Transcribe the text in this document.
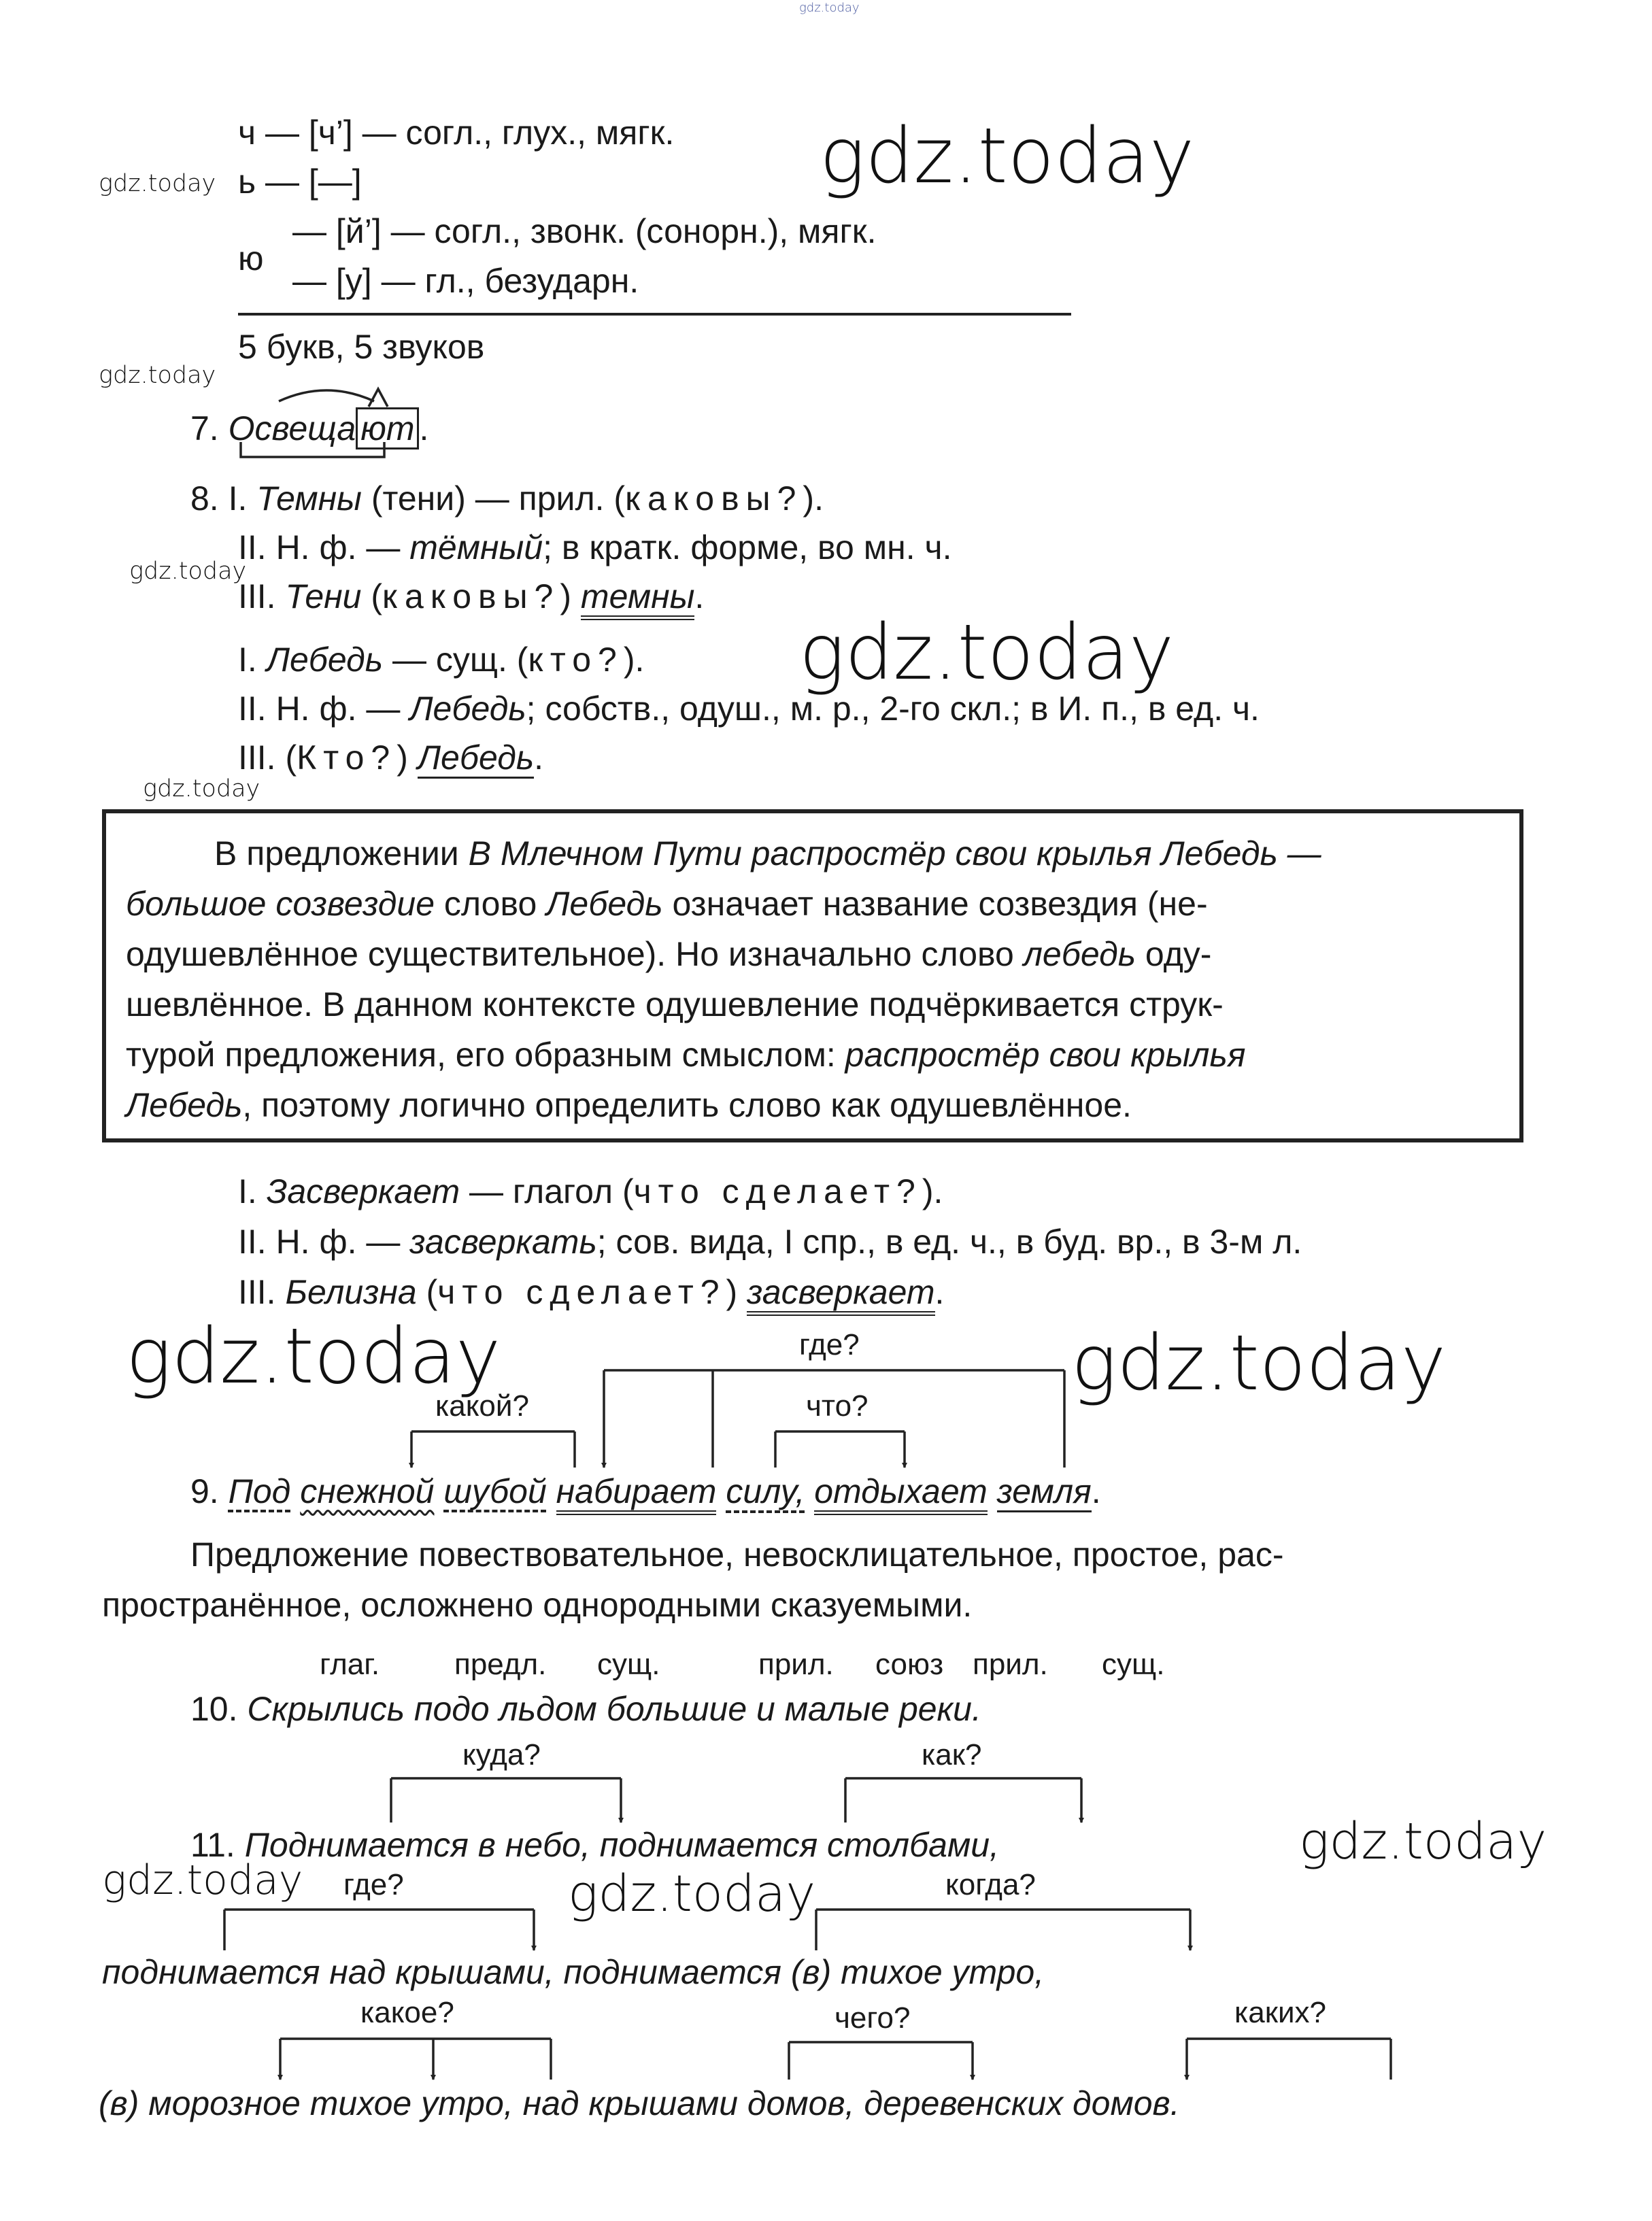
gdz.today
ч — [ч’] — согл., глух., мягк.
ь — [—]
ю
— [й’] — согл., звонк. (сонорн.), мягк.
— [у] — гл., безударн.
5 букв, 5 звуков
7. Освеща ют .
8. I. Темны (тени) — прил. (каковы?).
II. Н. ф. — тёмный; в кратк. форме, во мн. ч.
III. Тени (каковы?) темны.
I. Лебедь — сущ. (кто?).
II. Н. ф. — Лебедь; собств., одуш., м. р., 2-го скл.; в И. п., в ед. ч.
III. (Кто?) Лебедь.
В предложении В Млечном Пути распростёр свои крылья Лебедь —
большое созвездие слово Лебедь означает название созвездия (не-
одушевлённое существительное). Но изначально слово лебедь оду-
шевлённое. В данном контексте одушевление подчёркивается струк-
турой предложения, его образным смыслом: распростёр свои крылья
Лебедь, поэтому логично определить слово как одушевлённое.
I. Засверкает — глагол (что сделает?).
II. Н. ф. — засверкать; сов. вида, I спр., в ед. ч., в буд. вр., в 3-м л.
III. Белизна (что сделает?) засверкает.
где?
какой?	что?
9. Под снежной шубой набирает силу, отдыхает земля.
Предложение повествовательное, невосклицательное, простое, рас-
пространённое, осложнено однородными сказуемыми.
глаг. предл. сущ.	прил. союз прил. сущ.
10. Скрылись подо льдом большие и малые реки.
куда?	как?
11. Поднимается в небо, поднимается столбами,
где?	когда?
поднимается над крышами, поднимается (в) тихое утро,
какое?	чего?	каких?
(в) морозное тихое утро, над крышами домов, деревенских домов.
gdz.today
gdz.today
gdz.today
gdz.today
gdz.today
gdz.today
gdz.today	gdz.today
gdz.today
gdz.today
gdz.today
